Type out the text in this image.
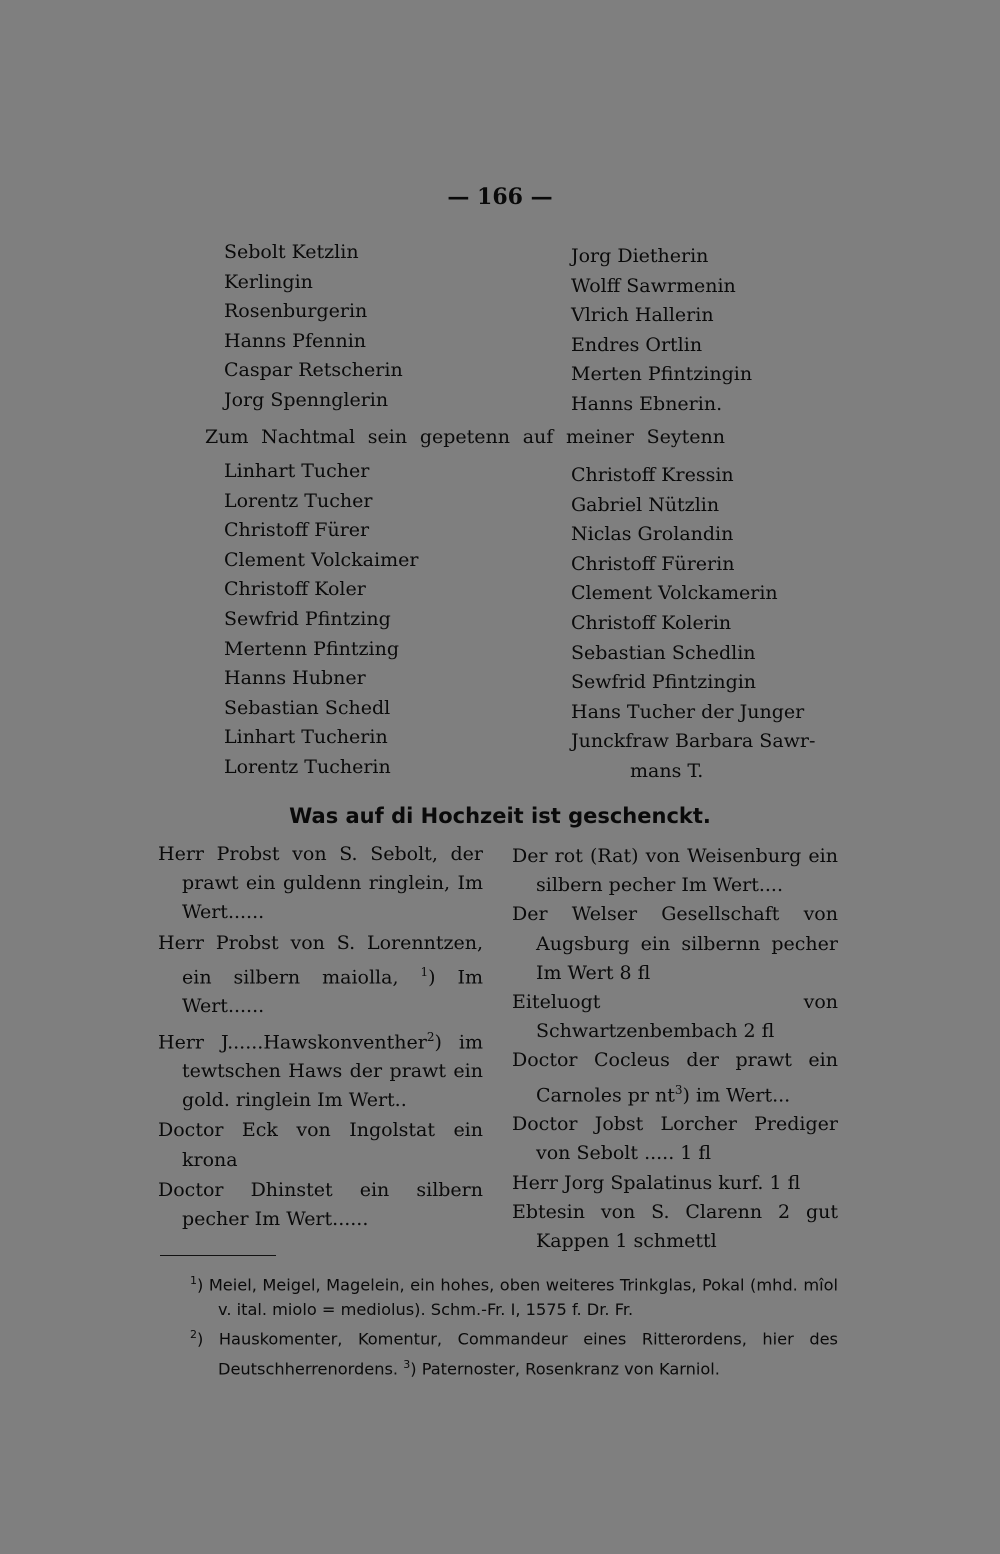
— 166 —
Sebolt Ketzlin
Kerlingin
Rosenburgerin
Hanns Pfennin
Caspar Retscherin
Jorg Spennglerin
Jorg Dietherin
Wolff Sawrmenin
Vlrich Hallerin
Endres Ortlin
Merten Pfintzingin
Hanns Ebnerin.
Zum Nachtmal sein gepetenn auf meiner Seytenn
Linhart Tucher
Lorentz Tucher
Christoff Fürer
Clement Volckaimer
Christoff Koler
Sewfrid Pfintzing
Mertenn Pfintzing
Hanns Hubner
Sebastian Schedl
Linhart Tucherin
Lorentz Tucherin
Christoff Kressin
Gabriel Nützlin
Niclas Grolandin
Christoff Fürerin
Clement Volckamerin
Christoff Kolerin
Sebastian Schedlin
Sewfrid Pfintzingin
Hans Tucher der Junger
Junckfraw Barbara Sawr-
mans T.
Was auf di Hochzeit ist geschenckt.
Herr Probst von S. Sebolt, der prawt ein guldenn ringlein, Im Wert......
Herr Probst von S. Lorenntzen, ein silbern maiolla, $^1$) Im Wert......
Herr J......Hawskonventher$^2$) im tewtschen Haws der prawt ein gold. ringlein Im Wert..
Doctor Eck von Ingolstat ein krona
Doctor Dhinstet ein silbern pecher Im Wert......
Der rot (Rat) von Weisenburg ein silbern pecher Im Wert....
Der Welser Gesellschaft von Augsburg ein silbernn pecher Im Wert 8 fl
Eiteluogt von Schwartzenbembach 2 fl
Doctor Cocleus der prawt ein Carnoles pr $nt^3$) im Wert...
Doctor Jobst Lorcher Prediger von Sebolt ..... 1 fl
Herr Jorg Spalatinus kurf. 1 fl
Ebtesin von S. Clarenn 2 gut Kappen 1 schmettl
$^1$) Meiel, Meigel, Magelein, ein hohes, oben weiteres Trinkglas, Pokal (mhd. mîol v. ital. miolo = mediolus). Schm.-Fr. I, 1575 f. Dr. Fr.
$^2$) Hauskomenter, Komentur, Commandeur eines Ritterordens, hier des Deutschherrenordens. $^3$) Paternoster, Rosenkranz von Karniol.
